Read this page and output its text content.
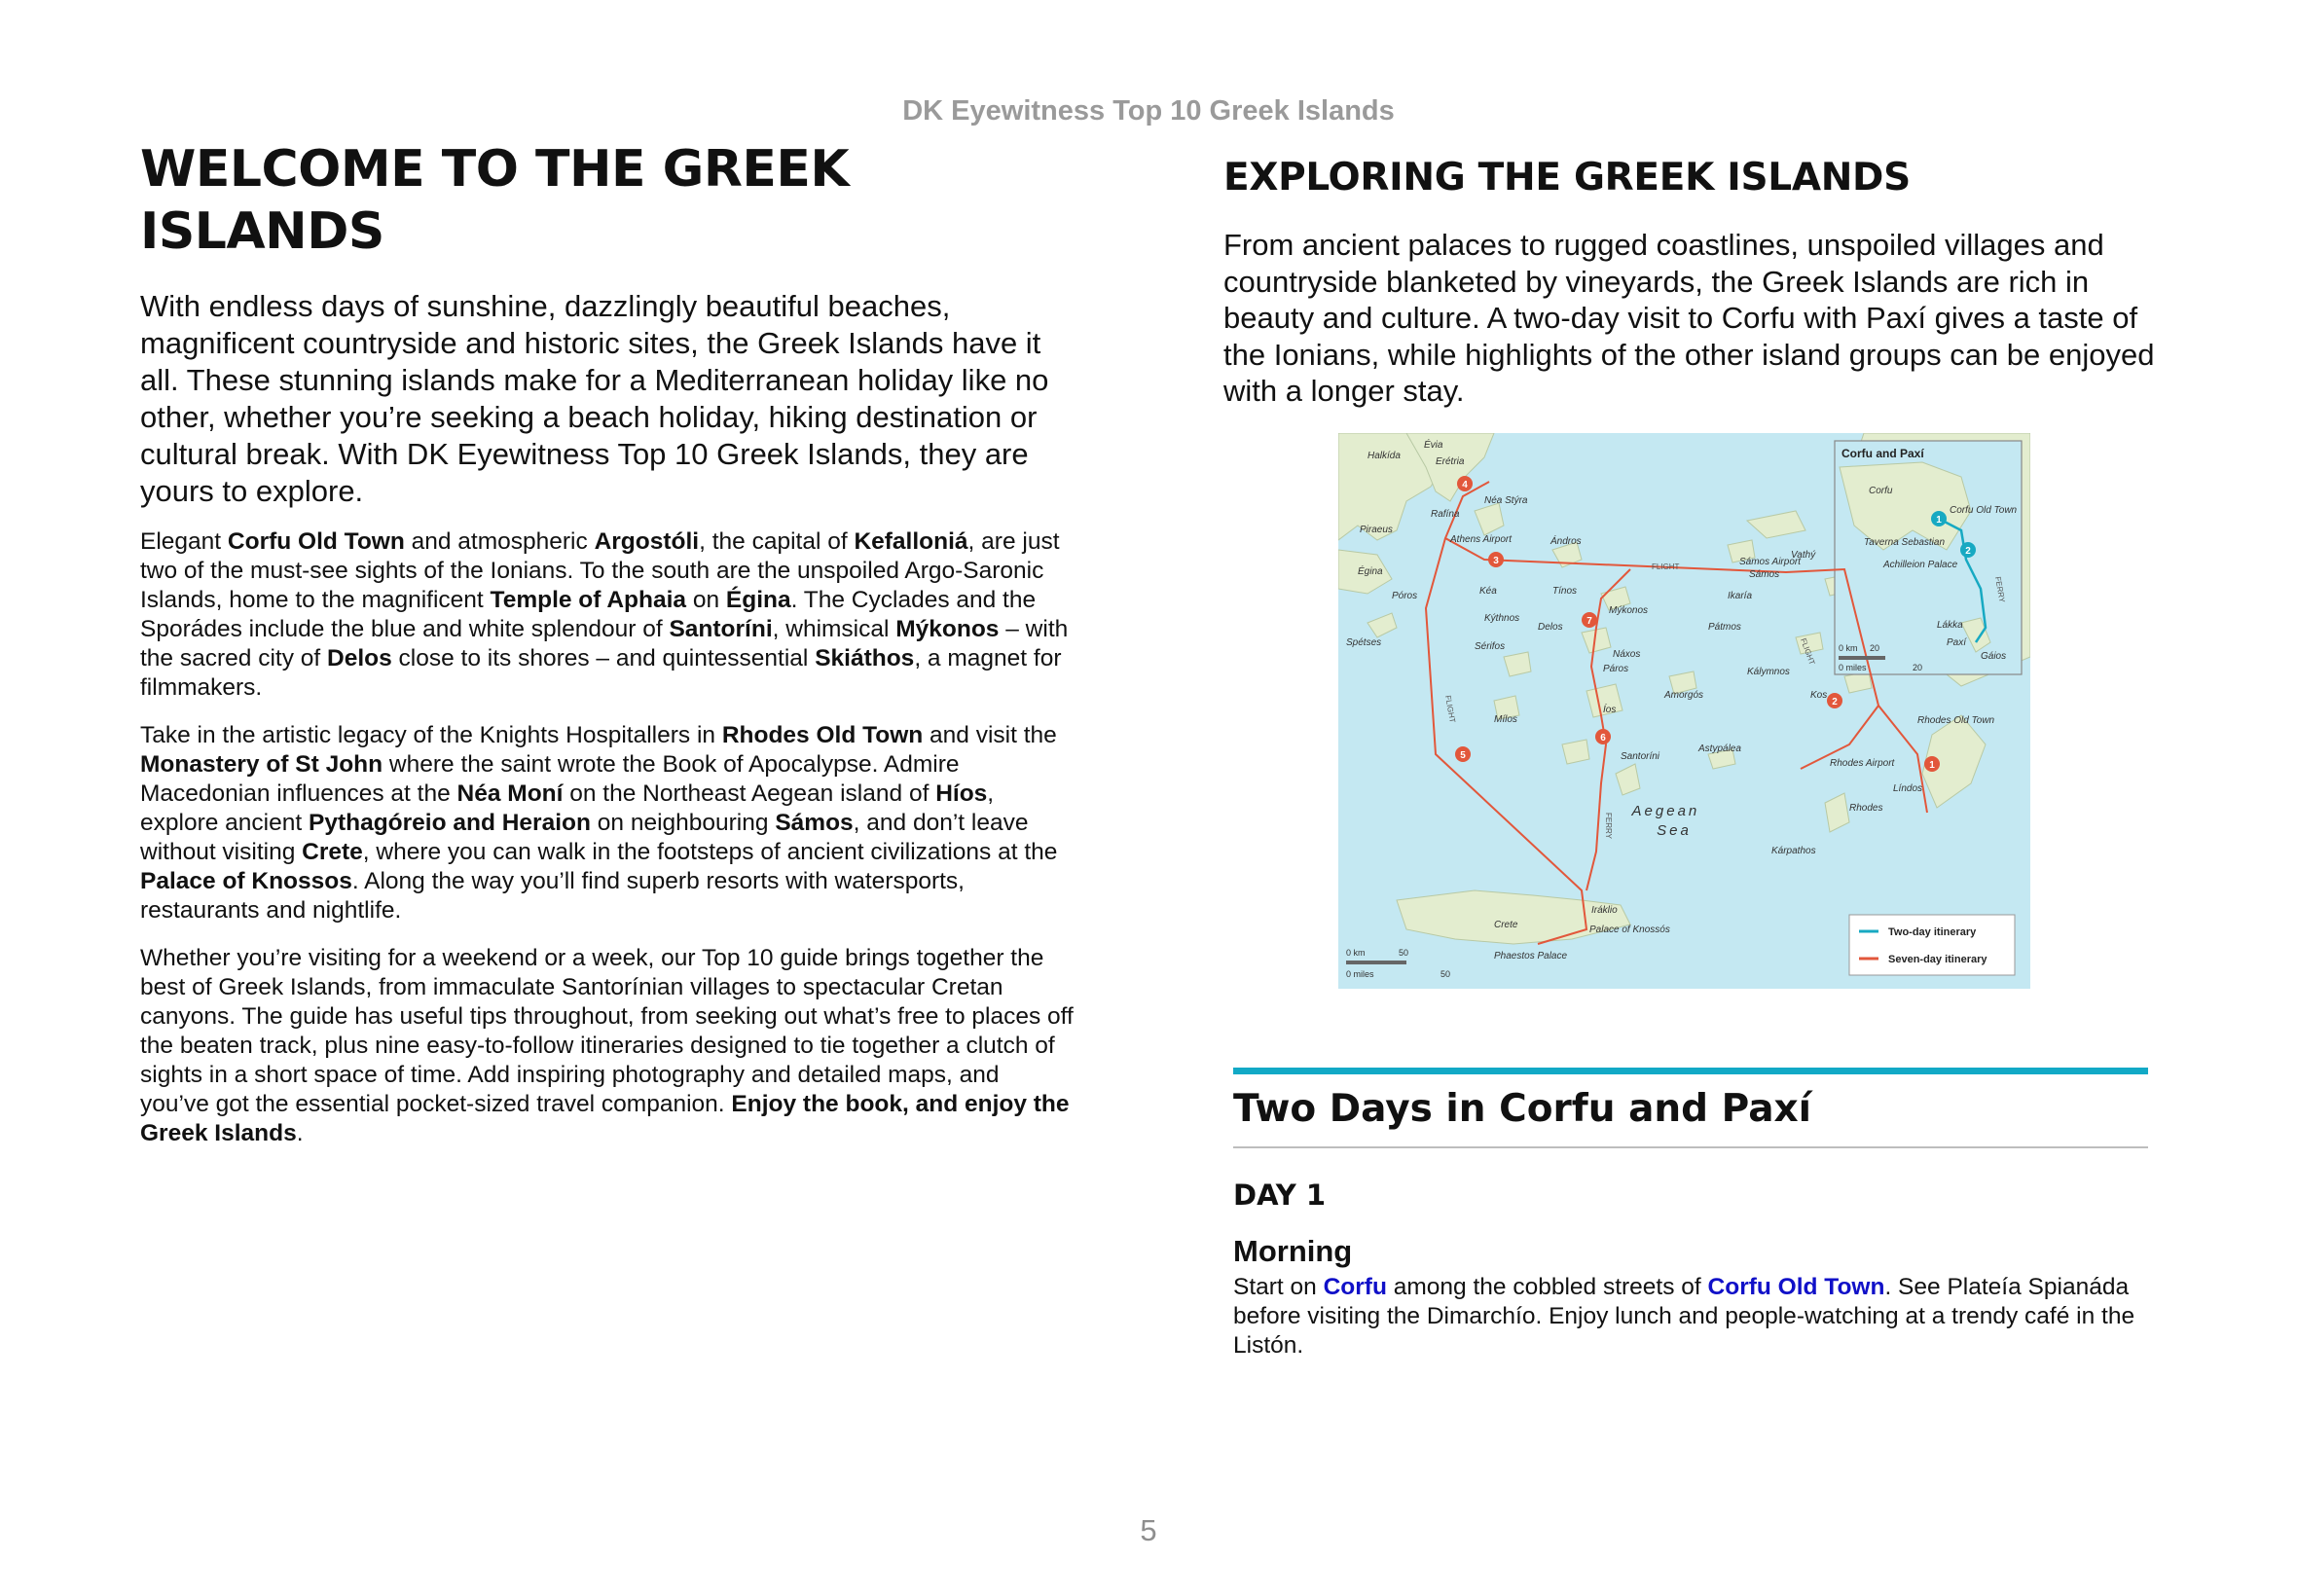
DK Eyewitness Top 10 Greek Islands
WELCOME TO THE GREEK ISLANDS

With endless days of sunshine, dazzlingly beautiful beaches, magnificent countryside and historic sites, the Greek Islands have it all. These stunning islands make for a Mediterranean holiday like no other, whether you’re seeking a beach holiday, hiking destination or cultural break. With DK Eyewitness Top 10 Greek Islands, they are yours to explore.

Elegant Corfu Old Town and atmospheric Argostóli, the capital of Kefalloniá, are just two of the must-see sights of the Ionians. To the south are the unspoiled Argo-Saronic Islands, home to the magnificent Temple of Aphaia on Égina. The Cyclades and the Sporádes include the blue and white splendour of Santoríni, whimsical Mýkonos – with the sacred city of Delos close to its shores – and quintessential Skiáthos, a magnet for filmmakers.

Take in the artistic legacy of the Knights Hospitallers in Rhodes Old Town and visit the Monastery of St John where the saint wrote the Book of Apocalypse. Admire Macedonian influences at the Néa Moní on the Northeast Aegean island of Híos, explore ancient Pythagóreio and Heraion on neighbouring Sámos, and don’t leave without visiting Crete, where you can walk in the footsteps of ancient civilizations at the Palace of Knossos. Along the way you’ll find superb resorts with watersports, restaurants and nightlife.

Whether you’re visiting for a weekend or a week, our Top 10 guide brings together the best of Greek Islands, from immaculate Santorínian villages to spectacular Cretan canyons. The guide has useful tips throughout, from seeking out what’s free to places off the beaten track, plus nine easy-to-follow itineraries designed to tie together a clutch of sights in a short space of time. Add inspiring photography and detailed maps, and you’ve got the essential pocket-sized travel companion. Enjoy the book, and enjoy the Greek Islands.

EXPLORING THE GREEK ISLANDS

From ancient palaces to rugged coastlines, unspoiled villages and countryside blanketed by vineyards, the Greek Islands are rich in beauty and culture. A two-day visit to Corfu with Paxí gives a taste of the Ionians, while highlights of the other island groups can be enjoyed with a longer stay.

4
3
7
6
5
2
1
1
2
Évia
Halkída
Erétria
Néa Stýra
Rafína
Piraeus
Athens Airport
Égina
Póros
Spétses
Ándros
Kéa	Tínos
Kýthnos
Sérifos
Delos
Mýkonos
Náxos
Páros
Mílos
Íos
Amorgós
Santoríni
Astypálea
Sámos
Sámos Airport
Vathý
Ikaría
Pátmos
Kálymnos
Kos
Rhodes Old Town
Rhodes Airport
Líndos
Rhodes
Kárpathos
Iráklio
Palace of Knossós
Crete
Phaestos Palace
FLIGHT
FLIGHT
FLIGHT
FERRY
FERRY
Aegean Sea
Corfu and Paxí
Corfu
Corfu Old Town
Taverna Sebastian
Achilleion Palace
Lákka
Paxí
Gáios
0 km 20
0 miles	20
0 km	50
0 miles	50
Two-day itinerary
Seven-day itinerary
Two Days in Corfu and Paxí
DAY 1
Morning

Start on Corfu among the cobbled streets of Corfu Old Town. See Plateía Spianáda before visiting the Dimarchío. Enjoy lunch and people-watching at a trendy café in the Listón.

5
